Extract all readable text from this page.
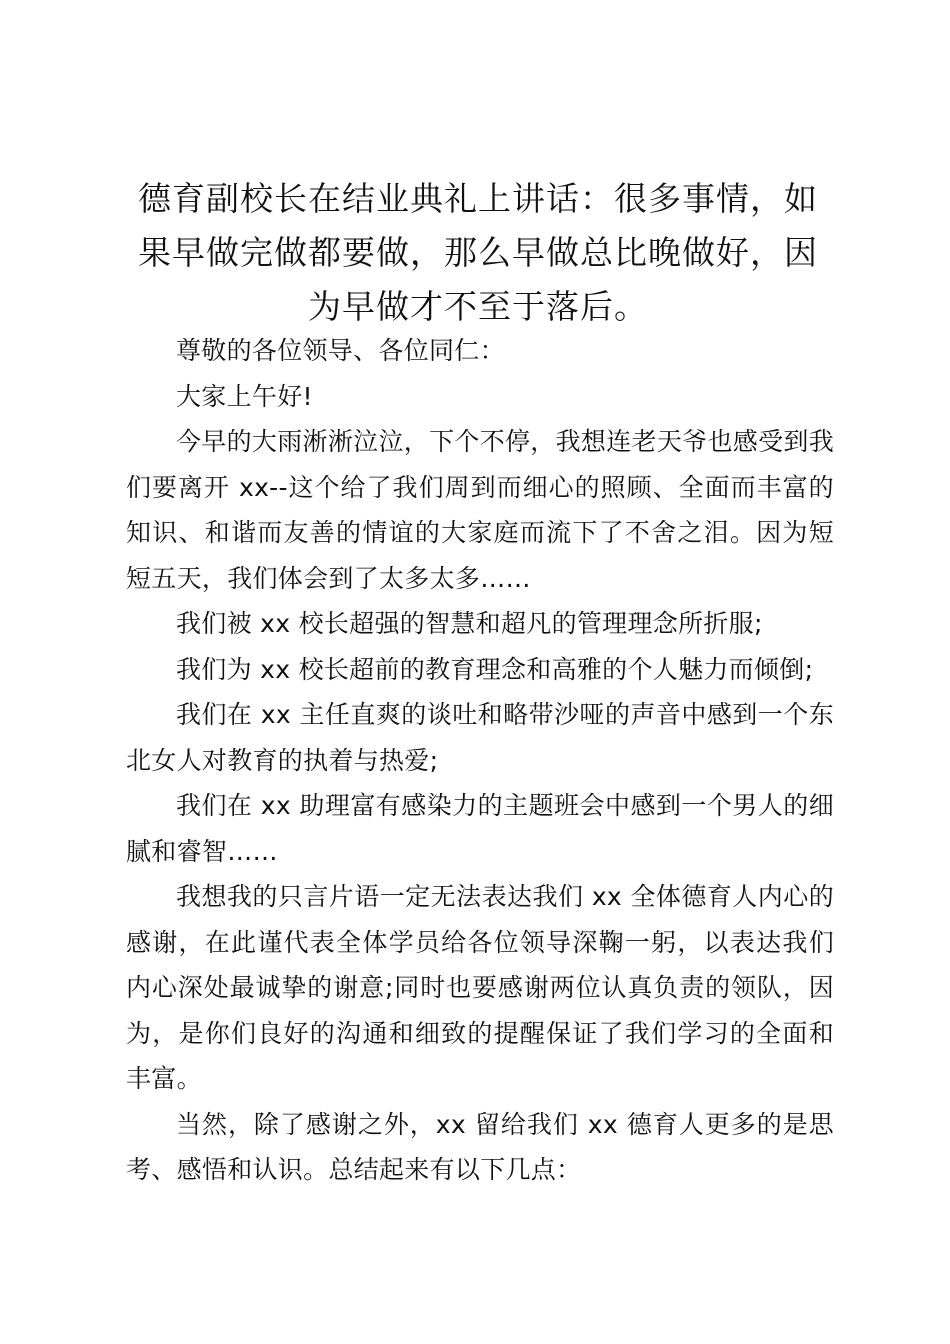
德育副校长在结业典礼上讲话：很多事情，如果早做完做都要做，那么早做总比晚做好，因为早做才不至于落后。

尊敬的各位领导、各位同仁：

大家上午好!

今早的大雨淅淅泣泣，下个不停，我想连老天爷也感受到我们要离开 xx--这个给了我们周到而细心的照顾、全面而丰富的知识、和谐而友善的情谊的大家庭而流下了不舍之泪。因为短短五天，我们体会到了太多太多……

我们被 xx 校长超强的智慧和超凡的管理理念所折服;

我们为 xx 校长超前的教育理念和高雅的个人魅力而倾倒;

我们在 xx 主任直爽的谈吐和略带沙哑的声音中感到一个东北女人对教育的执着与热爱;

我们在 xx 助理富有感染力的主题班会中感到一个男人的细腻和睿智……

我想我的只言片语一定无法表达我们 xx 全体德育人内心的感谢，在此谨代表全体学员给各位领导深鞠一躬，以表达我们内心深处最诚挚的谢意;同时也要感谢两位认真负责的领队，因为，是你们良好的沟通和细致的提醒保证了我们学习的全面和丰富。

当然，除了感谢之外，xx 留给我们 xx 德育人更多的是思考、感悟和认识。总结起来有以下几点：
